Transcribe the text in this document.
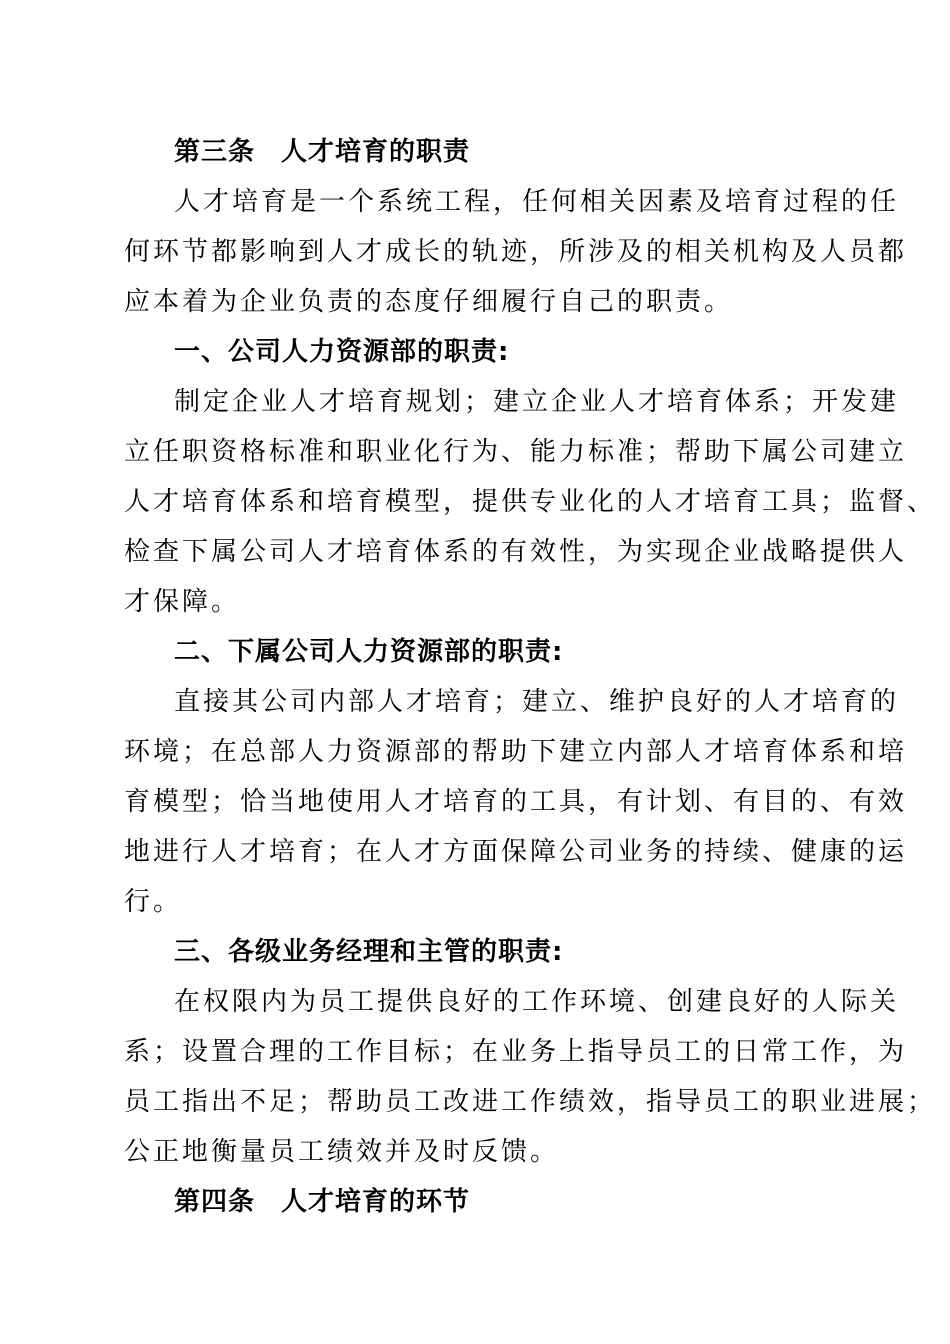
第三条 人才培育的职责
人才培育是一个系统工程，任何相关因素及培育过程的任
何环节都影响到人才成长的轨迹，所涉及的相关机构及人员都
应本着为企业负责的态度仔细履行自己的职责。
一、公司人力资源部的职责:
制定企业人才培育规划；建立企业人才培育体系；开发建
立任职资格标准和职业化行为、能力标准；帮助下属公司建立
人才培育体系和培育模型，提供专业化的人才培育工具；监督、
检查下属公司人才培育体系的有效性，为实现企业战略提供人
才保障。
二、下属公司人力资源部的职责:
直接其公司内部人才培育；建立、维护良好的人才培育的
环境；在总部人力资源部的帮助下建立内部人才培育体系和培
育模型；恰当地使用人才培育的工具，有计划、有目的、有效
地进行人才培育；在人才方面保障公司业务的持续、健康的运
行。
三、各级业务经理和主管的职责:
在权限内为员工提供良好的工作环境、创建良好的人际关
系；设置合理的工作目标；在业务上指导员工的日常工作，为
员工指出不足；帮助员工改进工作绩效，指导员工的职业进展；
公正地衡量员工绩效并及时反馈。
第四条 人才培育的环节
